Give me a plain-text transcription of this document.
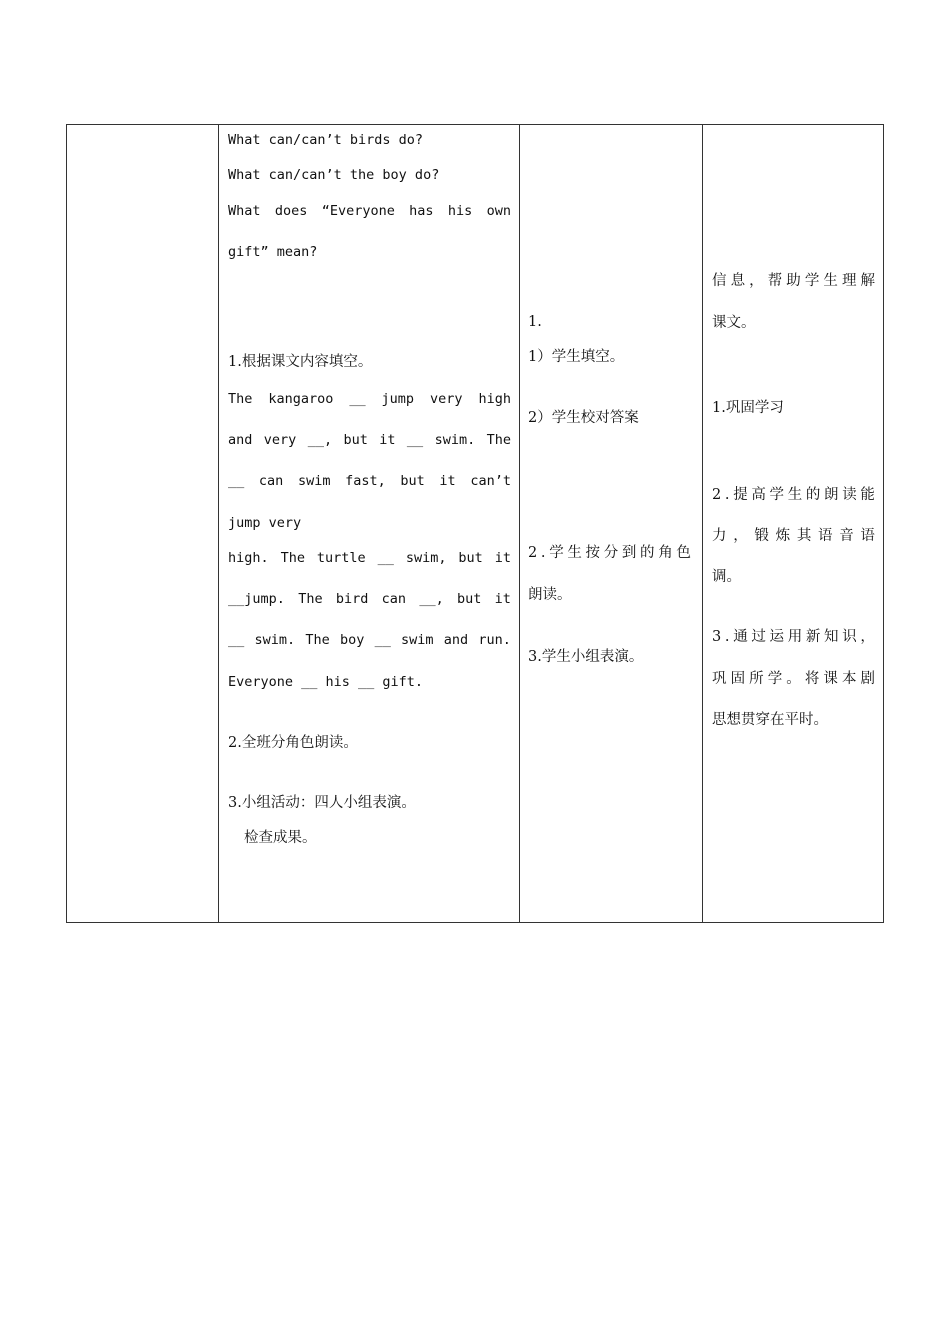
What can/can’t birds do?
What can/can’t the boy do?
What does “Everyone has his own
gift” mean?
1.根据课文内容填空。
The kangaroo __ jump very high
and very __, but it __ swim. The
__ can swim fast, but it can’t
jump very
high. The turtle __ swim, but it
__jump. The bird can __, but it
__ swim. The boy __ swim and run.
Everyone __ his __ gift.
2.全班分角色朗读。
3.小组活动：四人小组表演。
检查成果。
1.
1）学生填空。
2）学生校对答案
2 . 学 生 按 分 到 的 角 色
朗读。
3.学生小组表演。
信 息 ， 帮 助 学 生 理 解
课文。
1.巩固学习
2 . 提 高 学 生 的 朗 读 能
力 ， 锻 炼 其 语 音 语
调。
3 . 通 过 运 用 新 知 识 ，
巩 固 所 学 。 将 课 本 剧
思想贯穿在平时。
